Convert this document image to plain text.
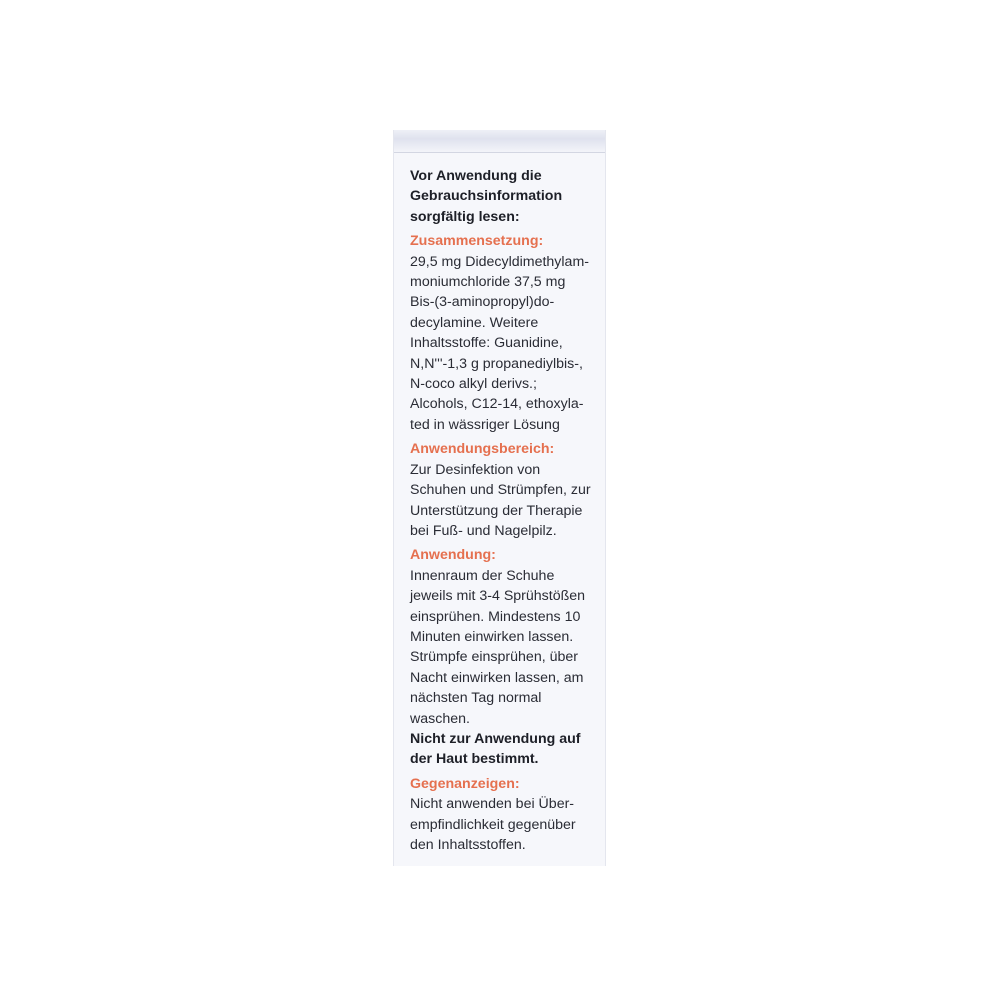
Vor Anwendung die
Gebrauchsinformation
sorgfältig lesen:
Zusammensetzung:
29,5 mg Didecyldimethylam-
moniumchloride 37,5 mg
Bis-(3-aminopropyl)do-
decylamine. Weitere
Inhaltsstoffe: Guanidine,
N,N'''-1,3 g propanediylbis-,
N-coco alkyl derivs.;
Alcohols, C12-14, ethoxyla-
ted in wässriger Lösung
Anwendungsbereich:
Zur Desinfektion von
Schuhen und Strümpfen, zur
Unterstützung der Therapie
bei Fuß- und Nagelpilz.
Anwendung:
Innenraum der Schuhe
jeweils mit 3-4 Sprühstößen
einsprühen. Mindestens 10
Minuten einwirken lassen.
Strümpfe einsprühen, über
Nacht einwirken lassen, am
nächsten Tag normal
waschen.
Nicht zur Anwendung auf
der Haut bestimmt.
Gegenanzeigen:
Nicht anwenden bei Über-
empfindlichkeit gegenüber
den Inhaltsstoffen.
